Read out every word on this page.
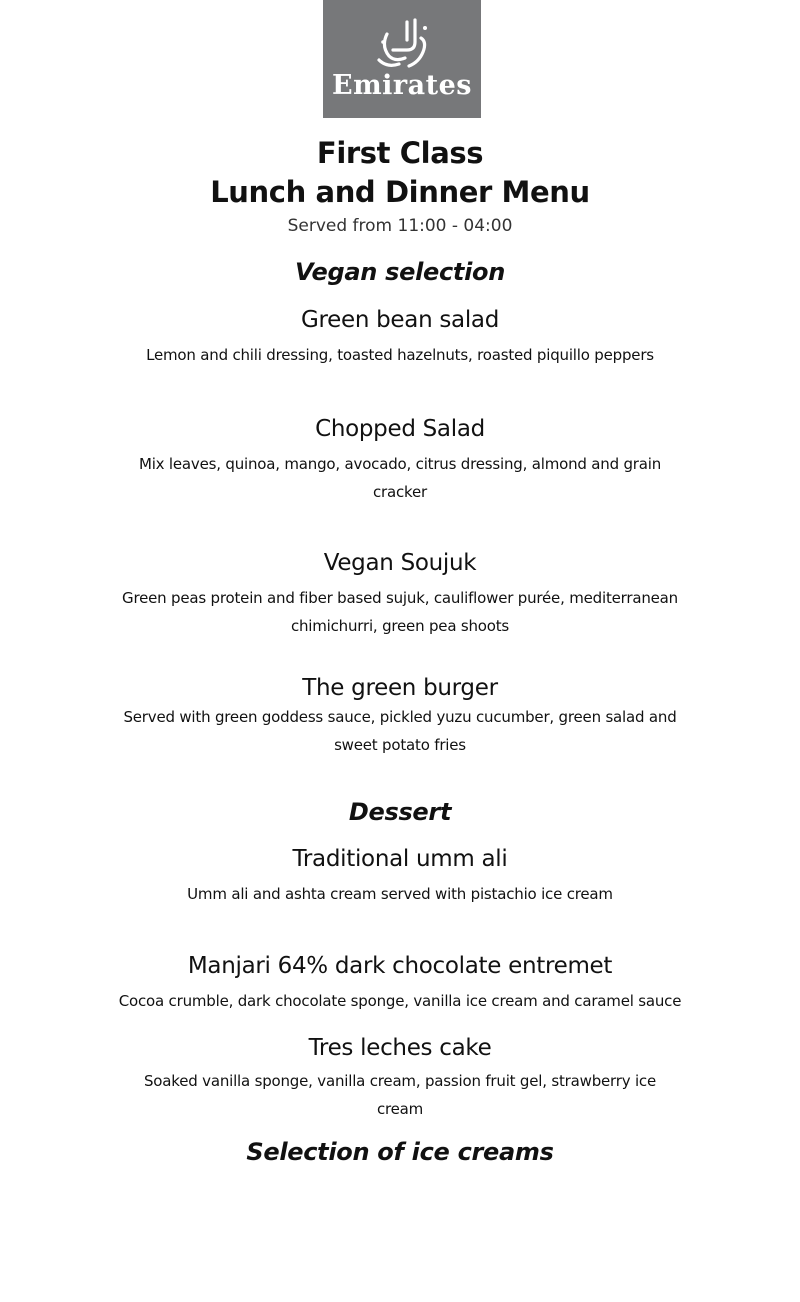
Emirates
First Class
Lunch and Dinner Menu
Served from 11:00 - 04:00
Vegan selection
Green bean salad
Lemon and chili dressing, toasted hazelnuts, roasted piquillo peppers
Chopped Salad
Mix leaves, quinoa, mango, avocado, citrus dressing, almond and grain
cracker
Vegan Soujuk
Green peas protein and fiber based sujuk, cauliflower purée, mediterranean
chimichurri, green pea shoots
The green burger
Served with green goddess sauce, pickled yuzu cucumber, green salad and
sweet potato fries
Dessert
Traditional umm ali
Umm ali and ashta cream served with pistachio ice cream
Manjari 64% dark chocolate entremet
Cocoa crumble, dark chocolate sponge, vanilla ice cream and caramel sauce
Tres leches cake
Soaked vanilla sponge, vanilla cream, passion fruit gel, strawberry ice
cream
Selection of ice creams
